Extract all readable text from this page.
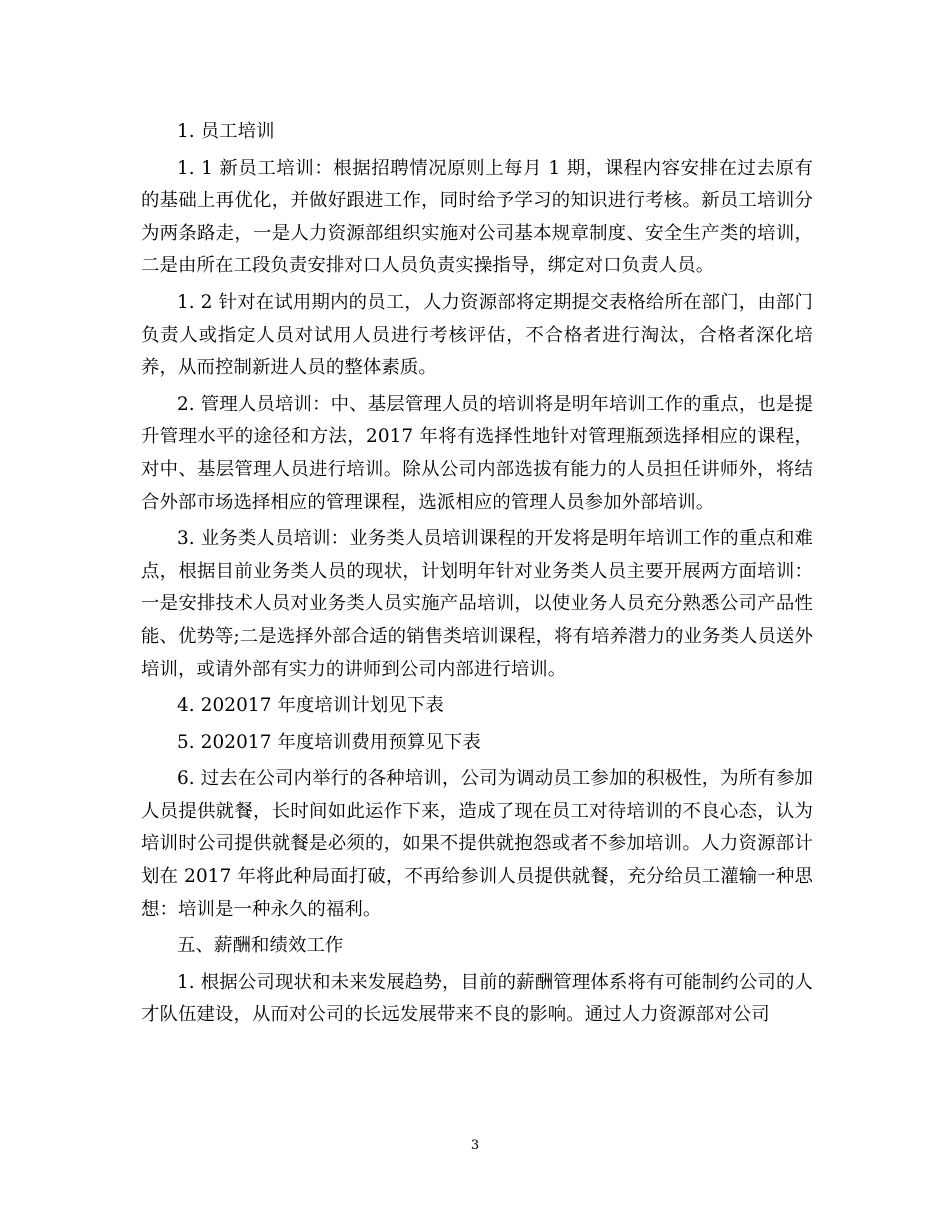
1. 员工培训

1. 1 新员工培训：根据招聘情况原则上每月 1 期，课程内容安排在过去原有的基础上再优化，并做好跟进工作，同时给予学习的知识进行考核。新员工培训分为两条路走，一是人力资源部组织实施对公司基本规章制度、安全生产类的培训，二是由所在工段负责安排对口人员负责实操指导，绑定对口负责人员。

1. 2 针对在试用期内的员工，人力资源部将定期提交表格给所在部门，由部门负责人或指定人员对试用人员进行考核评估，不合格者进行淘汰，合格者深化培养，从而控制新进人员的整体素质。

2. 管理人员培训：中、基层管理人员的培训将是明年培训工作的重点，也是提升管理水平的途径和方法，2017 年将有选择性地针对管理瓶颈选择相应的课程，对中、基层管理人员进行培训。除从公司内部选拔有能力的人员担任讲师外，将结合外部市场选择相应的管理课程，选派相应的管理人员参加外部培训。

3. 业务类人员培训：业务类人员培训课程的开发将是明年培训工作的重点和难点，根据目前业务类人员的现状，计划明年针对业务类人员主要开展两方面培训：一是安排技术人员对业务类人员实施产品培训，以使业务人员充分熟悉公司产品性能、优势等;二是选择外部合适的销售类培训课程，将有培养潜力的业务类人员送外培训，或请外部有实力的讲师到公司内部进行培训。

4. 202017 年度培训计划见下表

5. 202017 年度培训费用预算见下表

6. 过去在公司内举行的各种培训，公司为调动员工参加的积极性，为所有参加人员提供就餐，长时间如此运作下来，造成了现在员工对待培训的不良心态，认为培训时公司提供就餐是必须的，如果不提供就抱怨或者不参加培训。人力资源部计划在 2017 年将此种局面打破，不再给参训人员提供就餐，充分给员工灌输一种思想：培训是一种永久的福利。

五、薪酬和绩效工作

1. 根据公司现状和未来发展趋势，目前的薪酬管理体系将有可能制约公司的人才队伍建设，从而对公司的长远发展带来不良的影响。通过人力资源部对公司

3
